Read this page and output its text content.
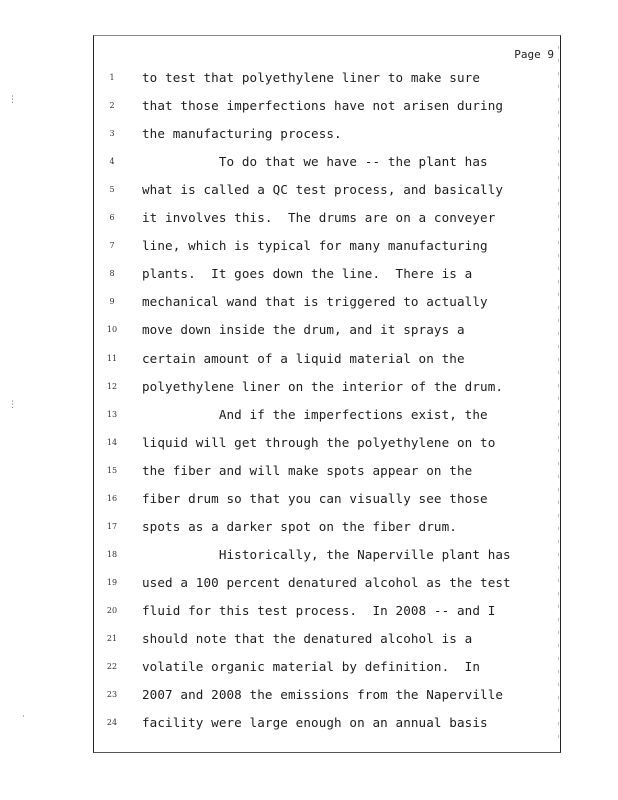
Page 9
1	to test that polyethylene liner to make sure
2	that those imperfections have not arisen during
3	the manufacturing process.
4	To do that we have -- the plant has
5	what is called a QC test process, and basically
6	it involves this.  The drums are on a conveyer
7	line, which is typical for many manufacturing
8	plants.  It goes down the line.  There is a
9	mechanical wand that is triggered to actually
10	move down inside the drum, and it sprays a
11	certain amount of a liquid material on the
12	polyethylene liner on the interior of the drum.
13	And if the imperfections exist, the
14	liquid will get through the polyethylene on to
15	the fiber and will make spots appear on the
16	fiber drum so that you can visually see those
17	spots as a darker spot on the fiber drum.
18	Historically, the Naperville plant has
19	used a 100 percent denatured alcohol as the test
20	fluid for this test process.  In 2008 -- and I
21	should note that the denatured alcohol is a
22	volatile organic material by definition.  In
23	2007 and 2008 the emissions from the Naperville
24	facility were large enough on an annual basis
⋮
⋮
·
